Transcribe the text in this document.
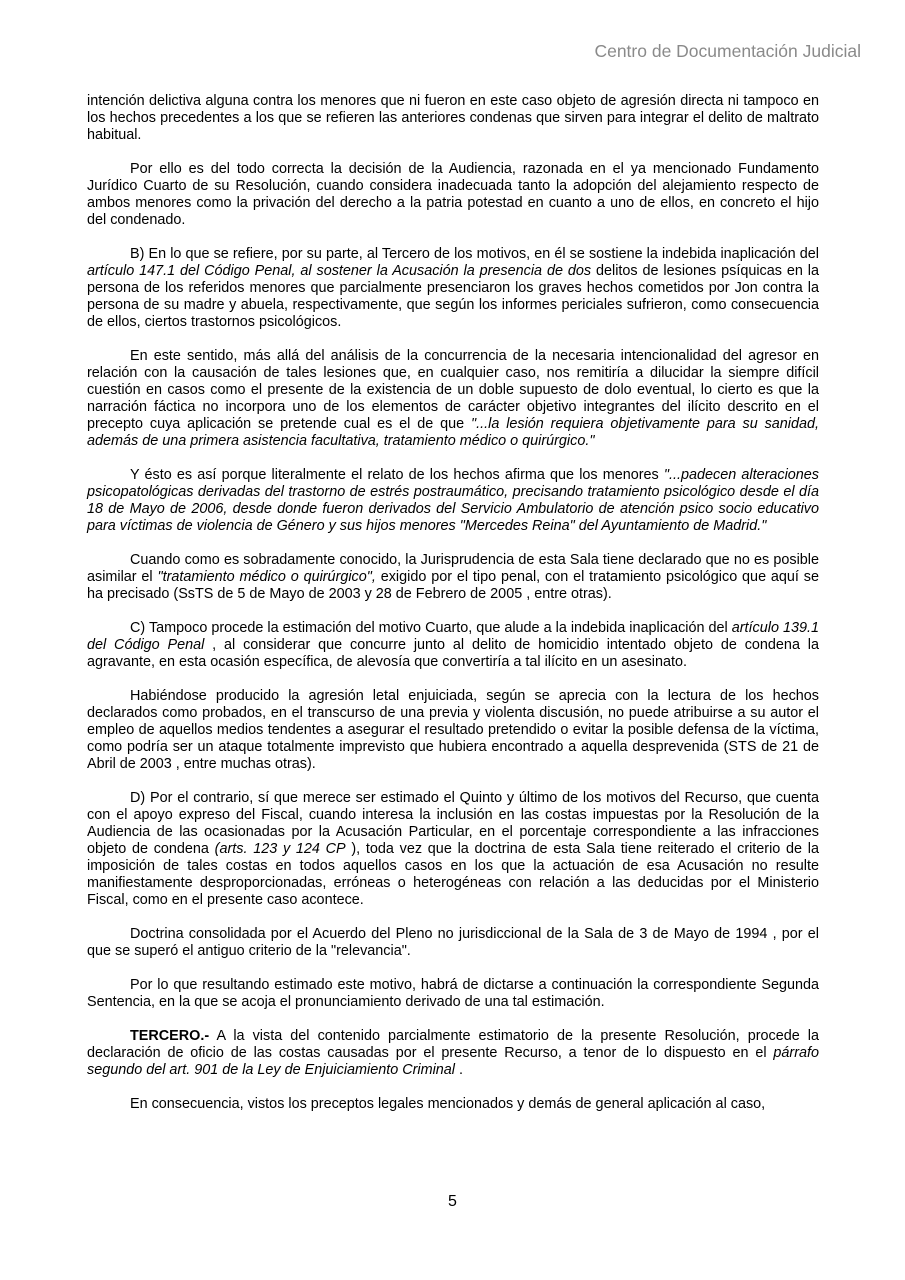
Centro de Documentación Judicial

intención delictiva alguna contra los menores que ni fueron en este caso objeto de agresión directa ni tampoco en los hechos precedentes a los que se refieren las anteriores condenas que sirven para integrar el delito de maltrato habitual.

Por ello es del todo correcta la decisión de la Audiencia, razonada en el ya mencionado Fundamento Jurídico Cuarto de su Resolución, cuando considera inadecuada tanto la adopción del alejamiento respecto de ambos menores como la privación del derecho a la patria potestad en cuanto a uno de ellos, en concreto el hijo del condenado.

B) En lo que se refiere, por su parte, al Tercero de los motivos, en él se sostiene la indebida inaplicación del artículo 147.1 del Código Penal, al sostener la Acusación la presencia de dos delitos de lesiones psíquicas en la persona de los referidos menores que parcialmente presenciaron los graves hechos cometidos por Jon contra la persona de su madre y abuela, respectivamente, que según los informes periciales sufrieron, como consecuencia de ellos, ciertos trastornos psicológicos.

En este sentido, más allá del análisis de la concurrencia de la necesaria intencionalidad del agresor en relación con la causación de tales lesiones que, en cualquier caso, nos remitiría a dilucidar la siempre difícil cuestión en casos como el presente de la existencia de un doble supuesto de dolo eventual, lo cierto es que la narración fáctica no incorpora uno de los elementos de carácter objetivo integrantes del ilícito descrito en el precepto cuya aplicación se pretende cual es el de que "...la lesión requiera objetivamente para su sanidad, además de una primera asistencia facultativa, tratamiento médico o quirúrgico."

Y ésto es así porque literalmente el relato de los hechos afirma que los menores "...padecen alteraciones psicopatológicas derivadas del trastorno de estrés postraumático, precisando tratamiento psicológico desde el día 18 de Mayo de 2006, desde donde fueron derivados del Servicio Ambulatorio de atención psico socio educativo para víctimas de violencia de Género y sus hijos menores "Mercedes Reina" del Ayuntamiento de Madrid."

Cuando como es sobradamente conocido, la Jurisprudencia de esta Sala tiene declarado que no es posible asimilar el "tratamiento médico o quirúrgico", exigido por el tipo penal, con el tratamiento psicológico que aquí se ha precisado (SsTS de 5 de Mayo de 2003 y 28 de Febrero de 2005 , entre otras).

C) Tampoco procede la estimación del motivo Cuarto, que alude a la indebida inaplicación del artículo 139.1 del Código Penal , al considerar que concurre junto al delito de homicidio intentado objeto de condena la agravante, en esta ocasión específica, de alevosía que convertiría a tal ilícito en un asesinato.

Habiéndose producido la agresión letal enjuiciada, según se aprecia con la lectura de los hechos declarados como probados, en el transcurso de una previa y violenta discusión, no puede atribuirse a su autor el empleo de aquellos medios tendentes a asegurar el resultado pretendido o evitar la posible defensa de la víctima, como podría ser un ataque totalmente imprevisto que hubiera encontrado a aquella desprevenida (STS de 21 de Abril de 2003 , entre muchas otras).

D) Por el contrario, sí que merece ser estimado el Quinto y último de los motivos del Recurso, que cuenta con el apoyo expreso del Fiscal, cuando interesa la inclusión en las costas impuestas por la Resolución de la Audiencia de las ocasionadas por la Acusación Particular, en el porcentaje correspondiente a las infracciones objeto de condena (arts. 123 y 124 CP ), toda vez que la doctrina de esta Sala tiene reiterado el criterio de la imposición de tales costas en todos aquellos casos en los que la actuación de esa Acusación no resulte manifiestamente desproporcionadas, erróneas o heterogéneas con relación a las deducidas por el Ministerio Fiscal, como en el presente caso acontece.

Doctrina consolidada por el Acuerdo del Pleno no jurisdiccional de la Sala de 3 de Mayo de 1994 , por el que se superó el antiguo criterio de la "relevancia".

Por lo que resultando estimado este motivo, habrá de dictarse a continuación la correspondiente Segunda Sentencia, en la que se acoja el pronunciamiento derivado de una tal estimación.

TERCERO.- A la vista del contenido parcialmente estimatorio de la presente Resolución, procede la declaración de oficio de las costas causadas por el presente Recurso, a tenor de lo dispuesto en el párrafo segundo del art. 901 de la Ley de Enjuiciamiento Criminal .

En consecuencia, vistos los preceptos legales mencionados y demás de general aplicación al caso,

5
